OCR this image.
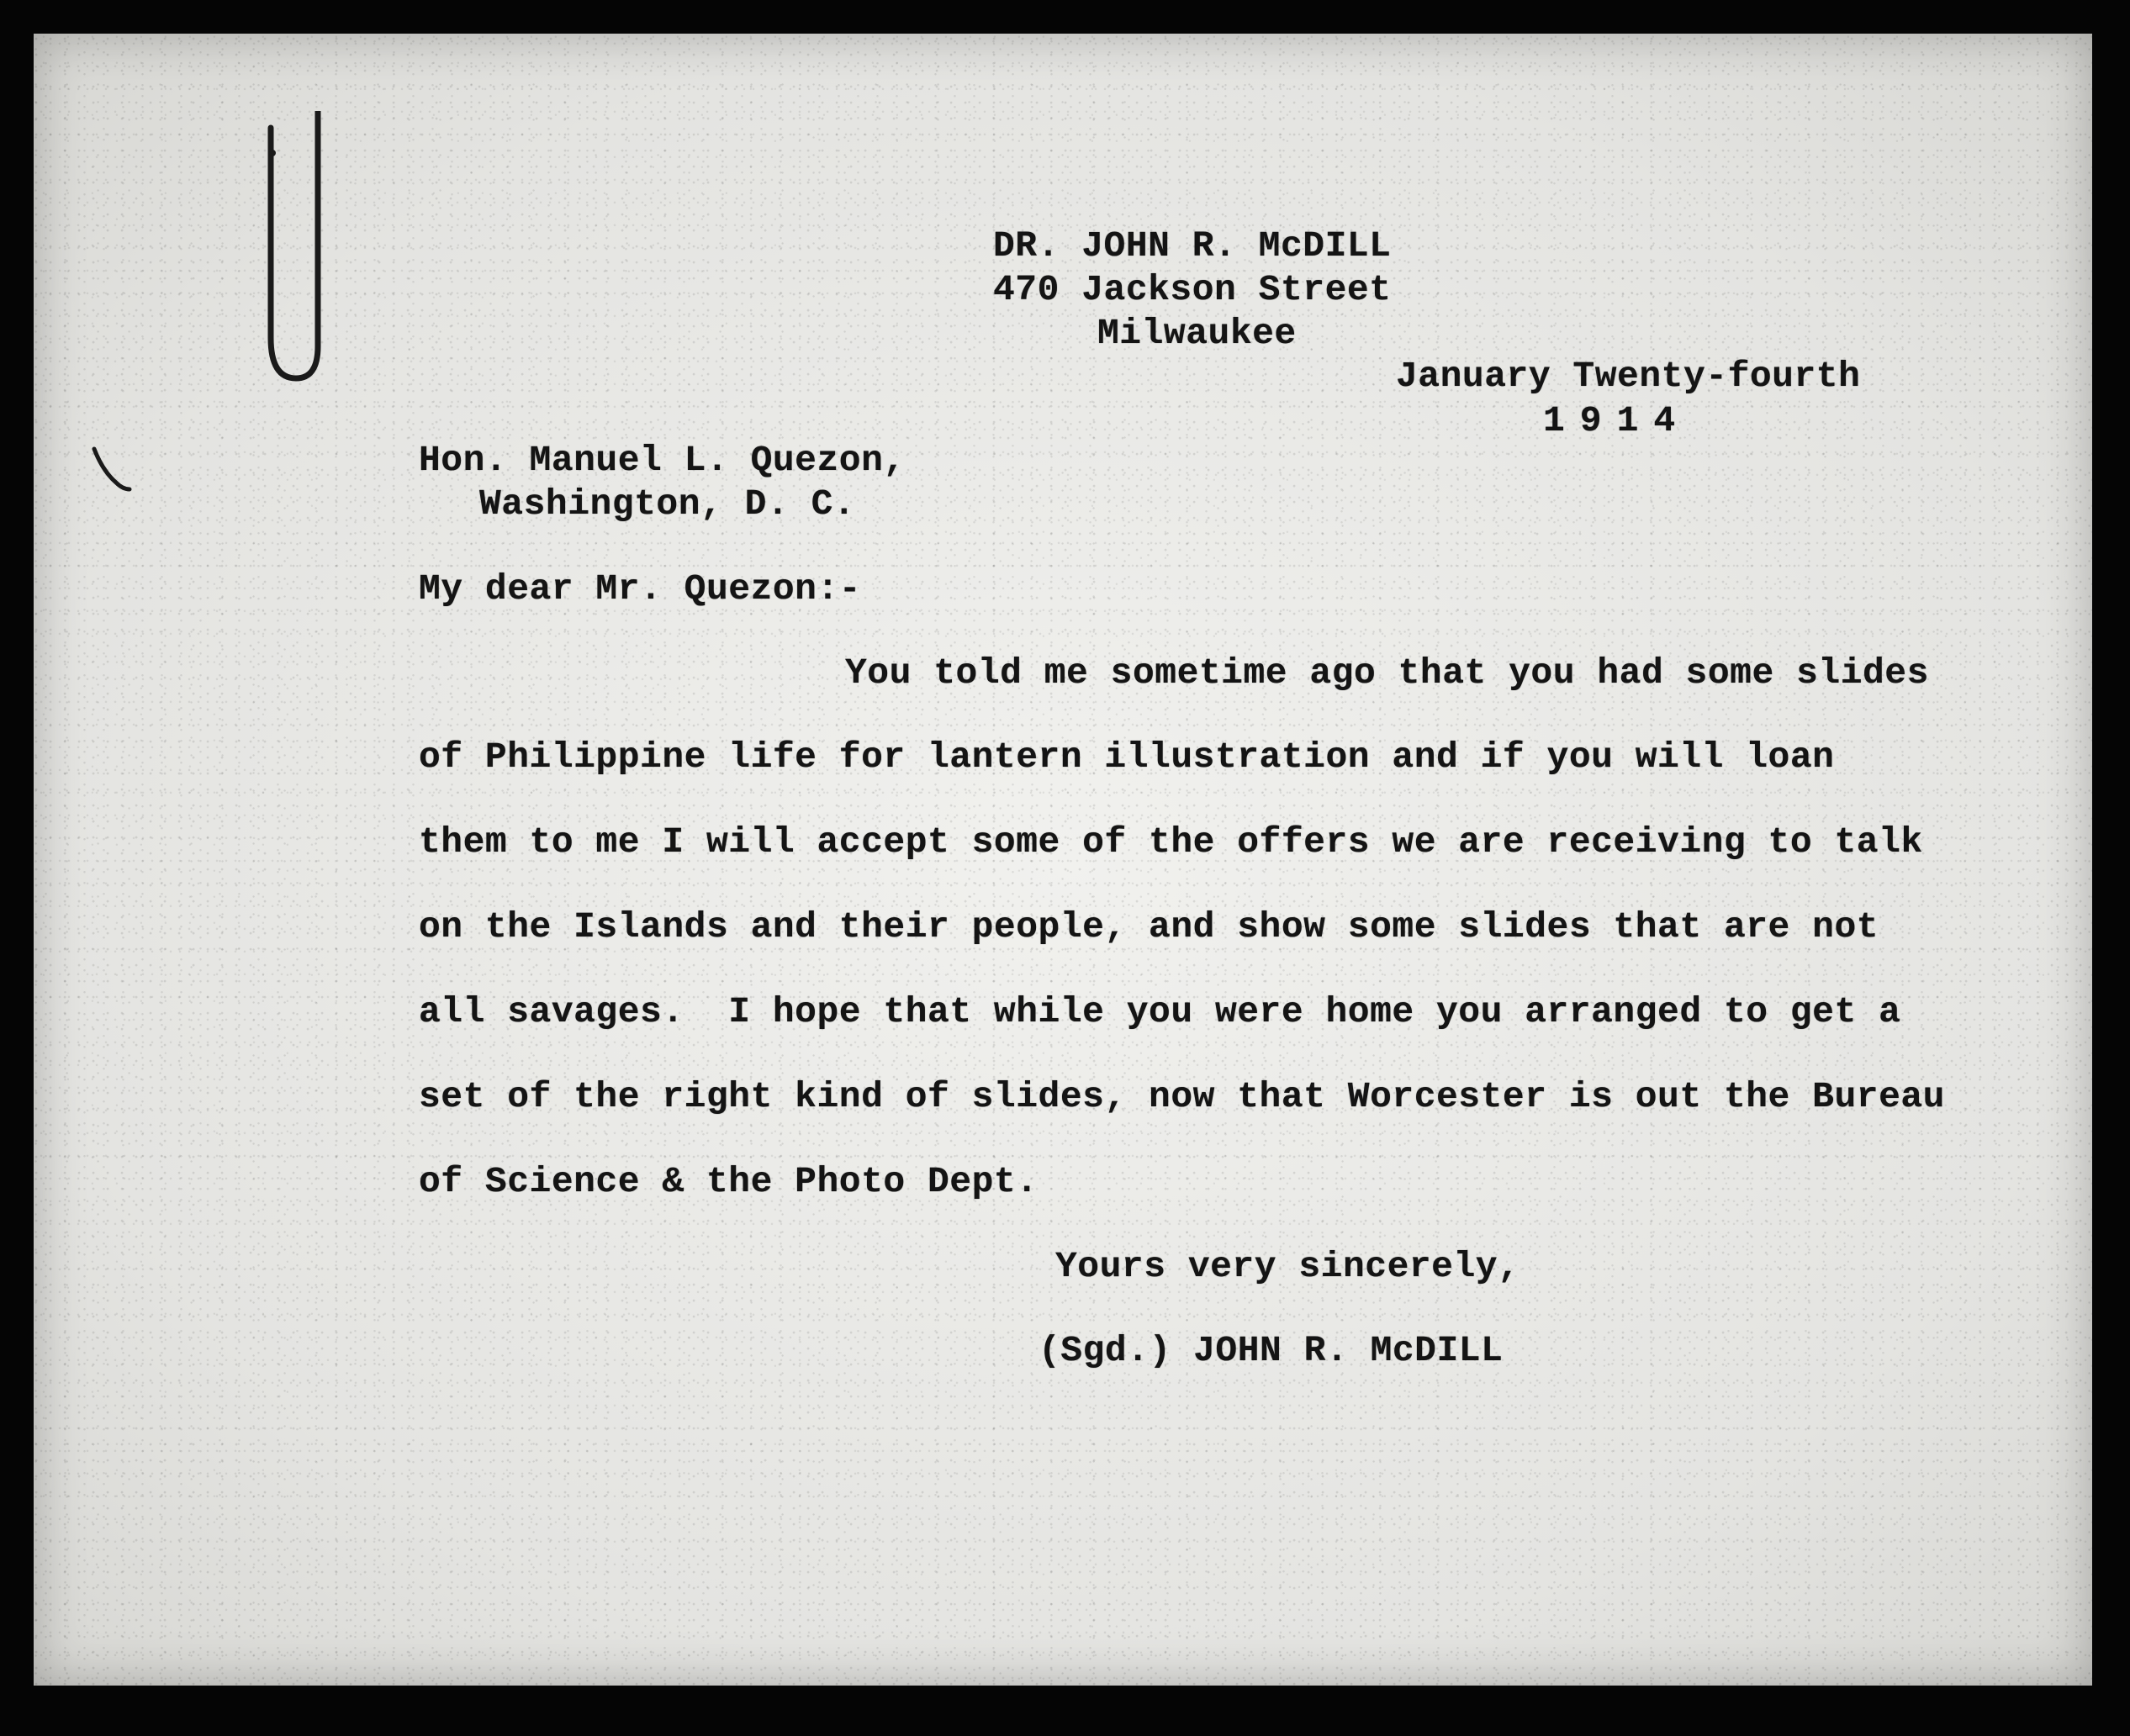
DR. JOHN R. McDILL
470 Jackson Street
Milwaukee
January Twenty-fourth
1914
Hon. Manuel L. Quezon,
Washington, D. C.
My dear Mr. Quezon:-
You told me sometime ago that you had some slides
of Philippine life for lantern illustration and if you will loan
them to me I will accept some of the offers we are receiving to talk
on the Islands and their people, and show some slides that are not
all savages.  I hope that while you were home you arranged to get a
set of the right kind of slides, now that Worcester is out the Bureau
of Science & the Photo Dept.
Yours very sincerely,
(Sgd.) JOHN R. McDILL
